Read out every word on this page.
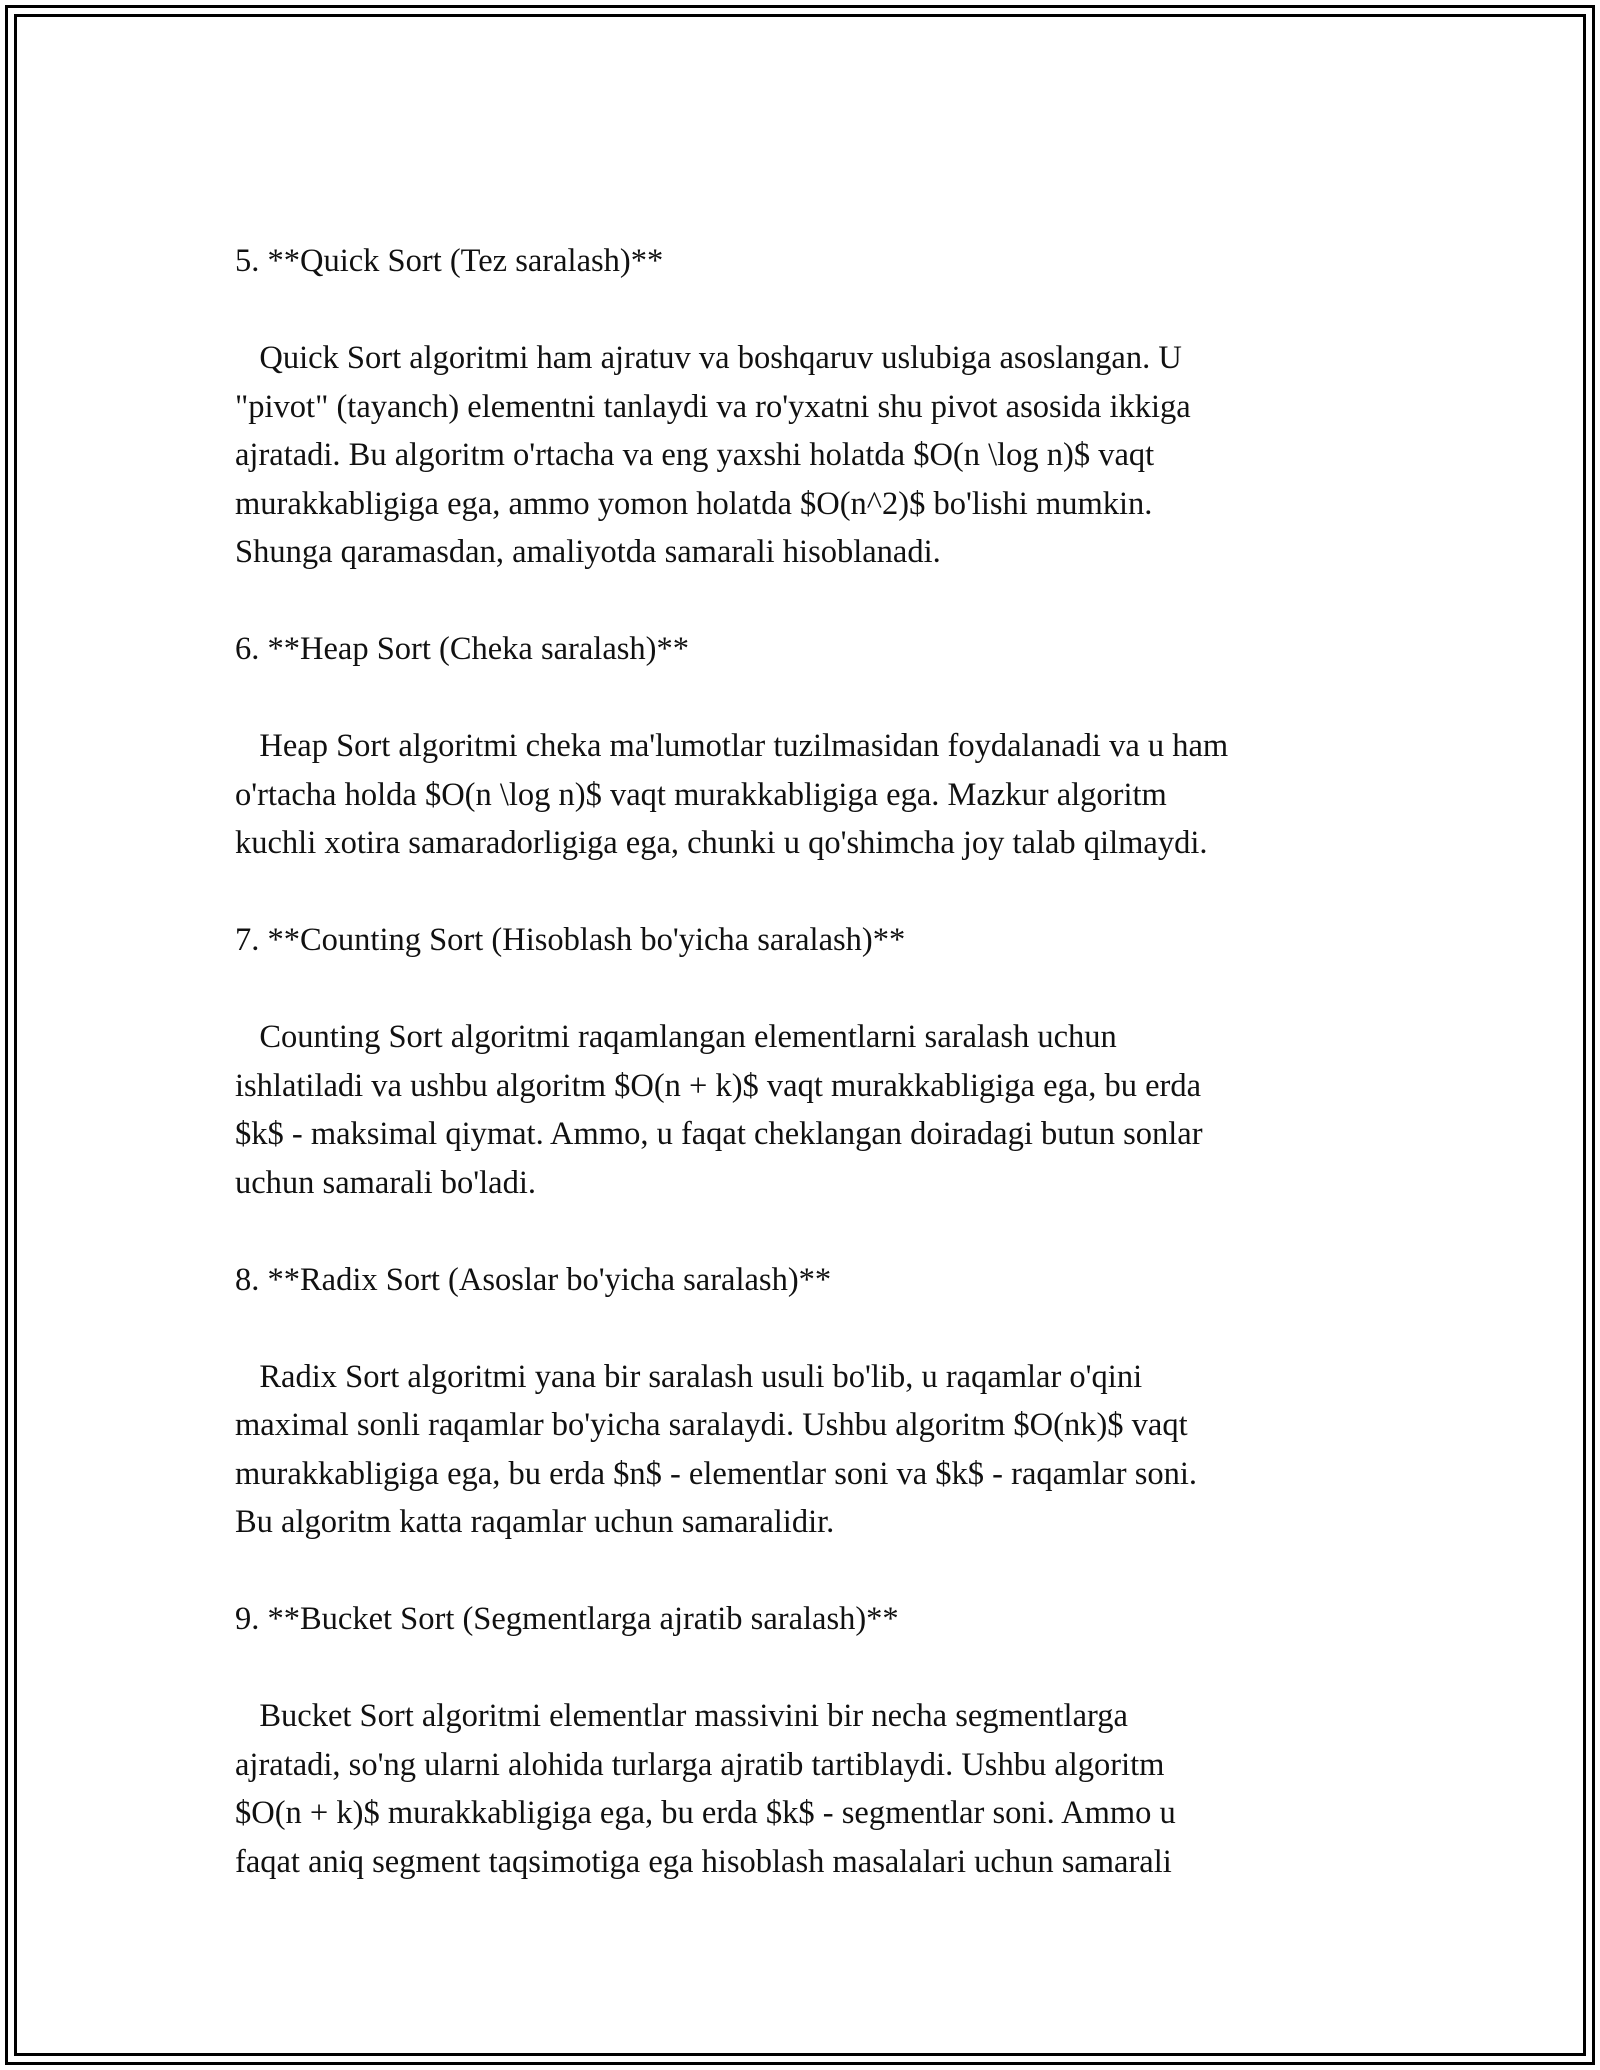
5. **Quick Sort (Tez saralash)**

Quick Sort algoritmi ham ajratuv va boshqaruv uslubiga asoslangan. U
"pivot" (tayanch) elementni tanlaydi va ro'yxatni shu pivot asosida ikkiga
ajratadi. Bu algoritm o'rtacha va eng yaxshi holatda $O(n \log n)$ vaqt
murakkabligiga ega, ammo yomon holatda $O(n^2)$ bo'lishi mumkin.
Shunga qaramasdan, amaliyotda samarali hisoblanadi.

6. **Heap Sort (Cheka saralash)**

Heap Sort algoritmi cheka ma'lumotlar tuzilmasidan foydalanadi va u ham
o'rtacha holda $O(n \log n)$ vaqt murakkabligiga ega. Mazkur algoritm
kuchli xotira samaradorligiga ega, chunki u qo'shimcha joy talab qilmaydi.

7. **Counting Sort (Hisoblash bo'yicha saralash)**

Counting Sort algoritmi raqamlangan elementlarni saralash uchun
ishlatiladi va ushbu algoritm $O(n + k)$ vaqt murakkabligiga ega, bu erda
$k$ - maksimal qiymat. Ammo, u faqat cheklangan doiradagi butun sonlar
uchun samarali bo'ladi.

8. **Radix Sort (Asoslar bo'yicha saralash)**

Radix Sort algoritmi yana bir saralash usuli bo'lib, u raqamlar o'qini
maximal sonli raqamlar bo'yicha saralaydi. Ushbu algoritm $O(nk)$ vaqt
murakkabligiga ega, bu erda $n$ - elementlar soni va $k$ - raqamlar soni.
Bu algoritm katta raqamlar uchun samaralidir.

9. **Bucket Sort (Segmentlarga ajratib saralash)**

Bucket Sort algoritmi elementlar massivini bir necha segmentlarga
ajratadi, so'ng ularni alohida turlarga ajratib tartiblaydi. Ushbu algoritm
$O(n + k)$ murakkabligiga ega, bu erda $k$ - segmentlar soni. Ammo u
faqat aniq segment taqsimotiga ega hisoblash masalalari uchun samarali
